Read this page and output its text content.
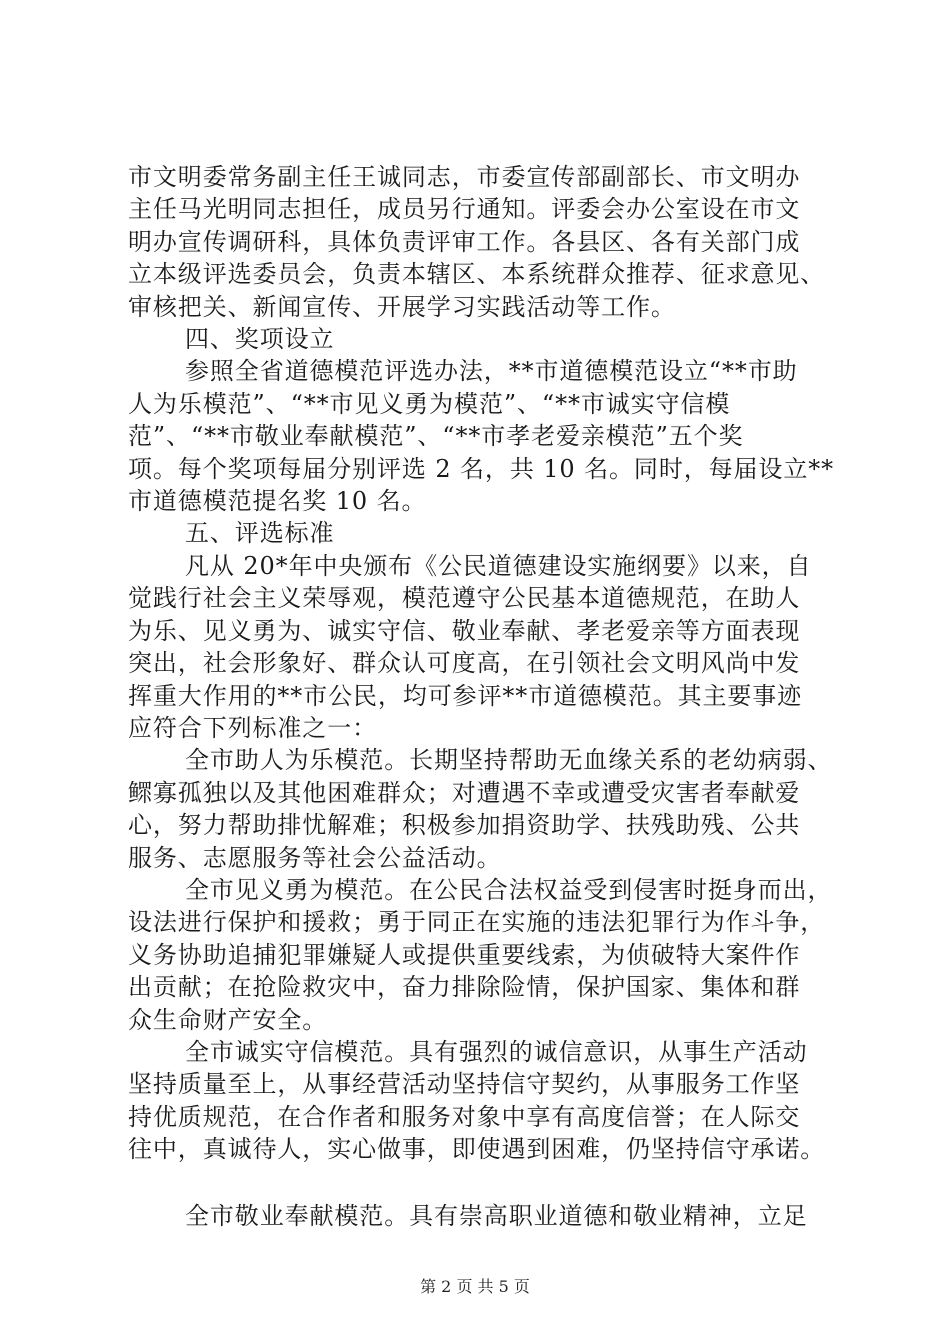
市文明委常务副主任王诚同志，市委宣传部副部长、市文明办
主任马光明同志担任，成员另行通知。评委会办公室设在市文
明办宣传调研科，具体负责评审工作。各县区、各有关部门成
立本级评选委员会，负责本辖区、本系统群众推荐、征求意见、
审核把关、新闻宣传、开展学习实践活动等工作。

四、奖项设立

参照全省道德模范评选办法，**市道德模范设立“**市助
人为乐模范”、“**市见义勇为模范”、“**市诚实守信模
范”、“**市敬业奉献模范”、“**市孝老爱亲模范”五个奖
项。每个奖项每届分别评选 2 名，共 10 名。同时，每届设立**
市道德模范提名奖 10 名。

五、评选标准

凡从 20*年中央颁布《公民道德建设实施纲要》以来，自
觉践行社会主义荣辱观，模范遵守公民基本道德规范，在助人
为乐、见义勇为、诚实守信、敬业奉献、孝老爱亲等方面表现
突出，社会形象好、群众认可度高，在引领社会文明风尚中发
挥重大作用的**市公民，均可参评**市道德模范。其主要事迹
应符合下列标准之一：

全市助人为乐模范。长期坚持帮助无血缘关系的老幼病弱、
鳏寡孤独以及其他困难群众；对遭遇不幸或遭受灾害者奉献爱
心，努力帮助排忧解难；积极参加捐资助学、扶残助残、公共
服务、志愿服务等社会公益活动。

全市见义勇为模范。在公民合法权益受到侵害时挺身而出，
设法进行保护和援救；勇于同正在实施的违法犯罪行为作斗争，
义务协助追捕犯罪嫌疑人或提供重要线索，为侦破特大案件作
出贡献；在抢险救灾中，奋力排除险情，保护国家、集体和群
众生命财产安全。

全市诚实守信模范。具有强烈的诚信意识，从事生产活动
坚持质量至上，从事经营活动坚持信守契约，从事服务工作坚
持优质规范，在合作者和服务对象中享有高度信誉；在人际交
往中，真诚待人，实心做事，即使遇到困难，仍坚持信守承诺。

全市敬业奉献模范。具有崇高职业道德和敬业精神，立足

第 2 页 共 5 页
